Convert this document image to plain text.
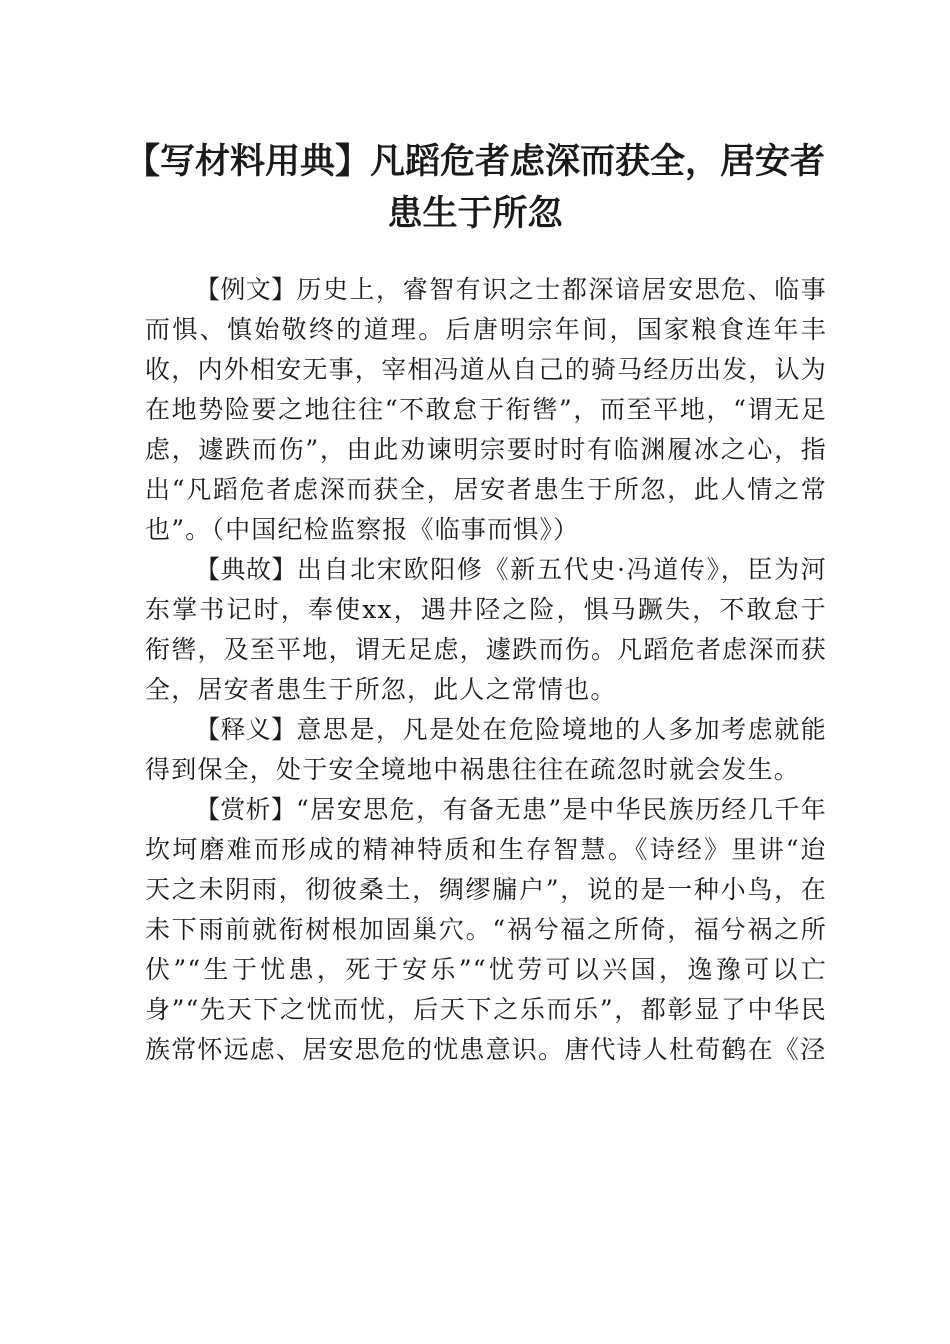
【写材料用典】凡蹈危者虑深而获全，居安者患生于所忽

【例文】历史上，睿智有识之士都深谙居安思危、临事而惧、慎始敬终的道理。后唐明宗年间，国家粮食连年丰收，内外相安无事，宰相冯道从自己的骑马经历出发，认为在地势险要之地往往“不敢怠于衔辔”，而至平地，“谓无足虑，遽跌而伤”，由此劝谏明宗要时时有临渊履冰之心，指出“凡蹈危者虑深而获全，居安者患生于所忽，此人情之常也”。（中国纪检监察报《临事而惧》）

【典故】出自北宋欧阳修《新五代史·冯道传》，臣为河东掌书记时，奉使xx，遇井陉之险，惧马蹶失，不敢怠于衔辔，及至平地，谓无足虑，遽跌而伤。凡蹈危者虑深而获全，居安者患生于所忽，此人之常情也。

【释义】意思是，凡是处在危险境地的人多加考虑就能得到保全，处于安全境地中祸患往往在疏忽时就会发生。

【赏析】“居安思危，有备无患”是中华民族历经几千年坎坷磨难而形成的精神特质和生存智慧。《诗经》里讲“迨天之未阴雨，彻彼桑土，绸缪牖户”，说的是一种小鸟，在未下雨前就衔树根加固巢穴。“祸兮福之所倚，福兮祸之所伏”“生于忧患，死于安乐”“忧劳可以兴国，逸豫可以亡身”“先天下之忧而忧，后天下之乐而乐”，都彰显了中华民族常怀远虑、居安思危的忧患意识。唐代诗人杜荀鹤在《泾
